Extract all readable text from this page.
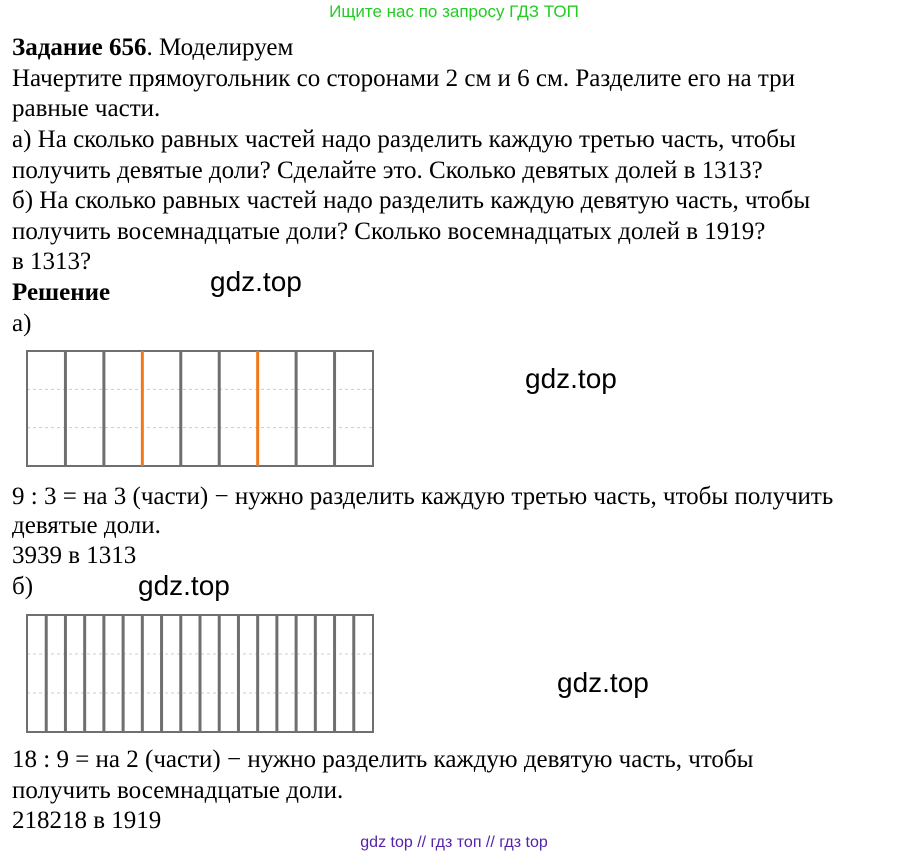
Ищите нас по запросу ГДЗ ТОП
Задание 656. Моделируем
Начертите прямоугольник со сторонами 2 см и 6 см. Разделите его на три
равные части.
а) На сколько равных частей надо разделить каждую третью часть, чтобы
получить девятые доли? Сделайте это. Сколько девятых долей в 1313?
б) На сколько равных частей надо разделить каждую девятую часть, чтобы
получить восемнадцатые доли? Сколько восемнадцатых долей в 1919?
в 1313?
Решение
а)
gdz.top
gdz.top
9 : 3 = на 3 (части) − нужно разделить каждую третью часть, чтобы получить
девятые доли.
3939 в 1313
б)	gdz.top
gdz.top
18 : 9 = на 2 (части) − нужно разделить каждую девятую часть, чтобы
получить восемнадцатые доли.
218218 в 1919
gdz top // гдз топ // гдз top
